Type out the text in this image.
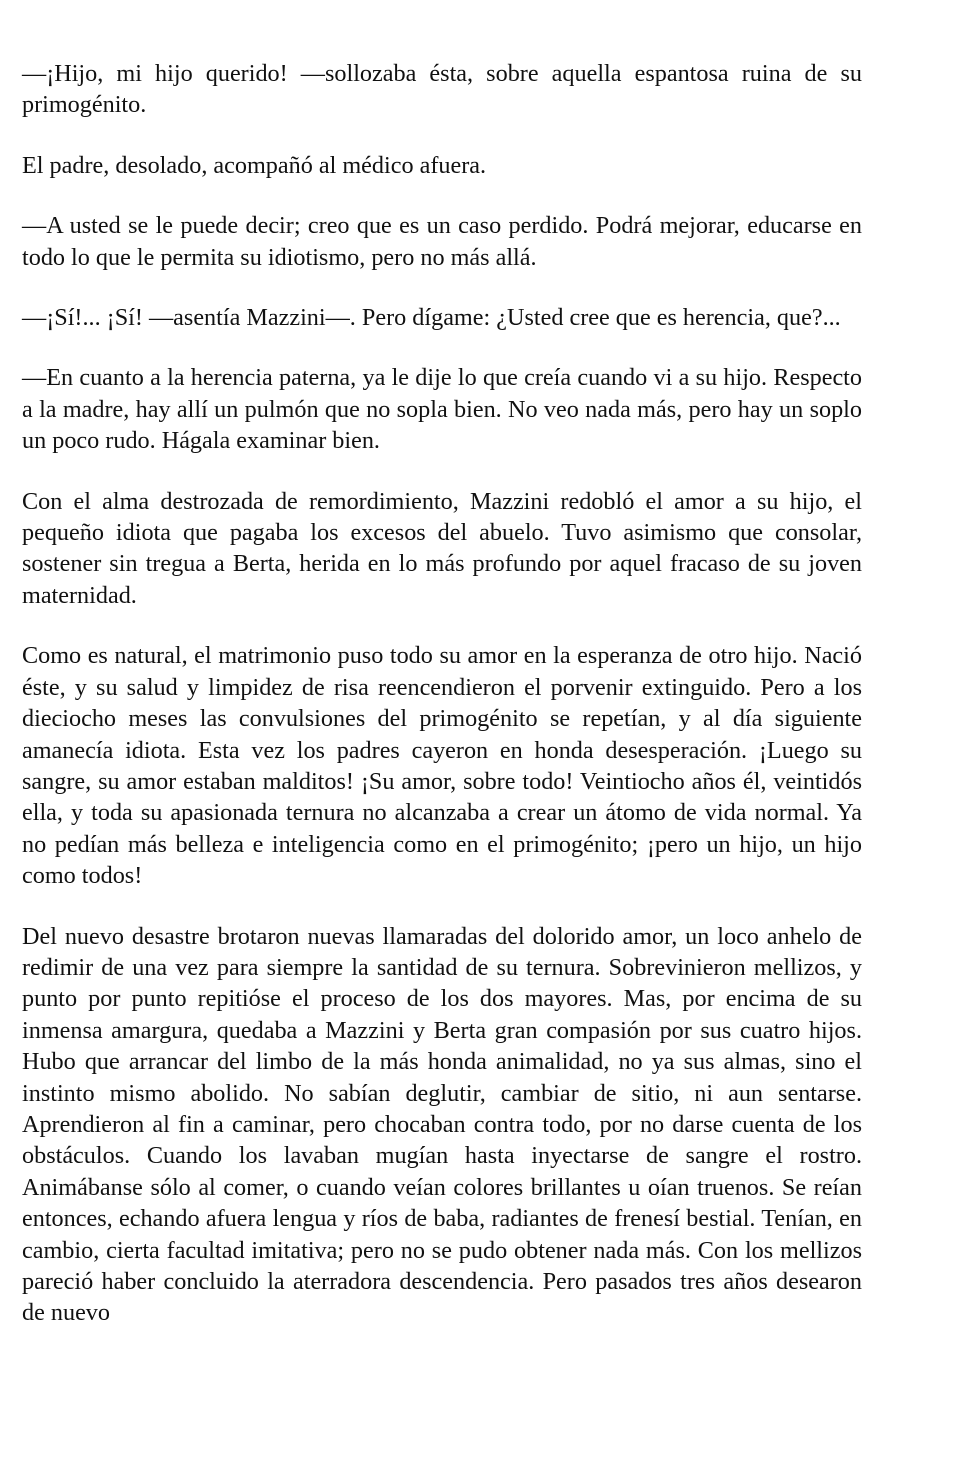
—¡Hijo, mi hijo querido! —sollozaba ésta, sobre aquella espantosa ruina de su primogénito.

El padre, desolado, acompañó al médico afuera.

—A usted se le puede decir; creo que es un caso perdido. Podrá mejorar, educarse en todo lo que le permita su idiotismo, pero no más allá.

—¡Sí!... ¡Sí! —asentía Mazzini—. Pero dígame: ¿Usted cree que es herencia, que?...

—En cuanto a la herencia paterna, ya le dije lo que creía cuando vi a su hijo. Respecto a la madre, hay allí un pulmón que no sopla bien. No veo nada más, pero hay un soplo un poco rudo. Hágala examinar bien.

Con el alma destrozada de remordimiento, Mazzini redobló el amor a su hijo, el pequeño idiota que pagaba los excesos del abuelo. Tuvo asimismo que consolar, sostener sin tregua a Berta, herida en lo más profundo por aquel fracaso de su joven maternidad.

Como es natural, el matrimonio puso todo su amor en la esperanza de otro hijo. Nació éste, y su salud y limpidez de risa reencendieron el porvenir extinguido. Pero a los dieciocho meses las convulsiones del primogénito se repetían, y al día siguiente amanecía idiota. Esta vez los padres cayeron en honda desesperación. ¡Luego su sangre, su amor estaban malditos! ¡Su amor, sobre todo! Veintiocho años él, veintidós ella, y toda su apasionada ternura no alcanzaba a crear un átomo de vida normal. Ya no pedían más belleza e inteligencia como en el primogénito; ¡pero un hijo, un hijo como todos!

Del nuevo desastre brotaron nuevas llamaradas del dolorido amor, un loco anhelo de redimir de una vez para siempre la santidad de su ternura. Sobrevinieron mellizos, y punto por punto repitióse el proceso de los dos mayores. Mas, por encima de su inmensa amargura, quedaba a Mazzini y Berta gran compasión por sus cuatro hijos. Hubo que arrancar del limbo de la más honda animalidad, no ya sus almas, sino el instinto mismo abolido. No sabían deglutir, cambiar de sitio, ni aun sentarse. Aprendieron al fin a caminar, pero chocaban contra todo, por no darse cuenta de los obstáculos. Cuando los lavaban mugían hasta inyectarse de sangre el rostro. Animábanse sólo al comer, o cuando veían colores brillantes u oían truenos. Se reían entonces, echando afuera lengua y ríos de baba, radiantes de frenesí bestial. Tenían, en cambio, cierta facultad imitativa; pero no se pudo obtener nada más. Con los mellizos pareció haber concluido la aterradora descendencia. Pero pasados tres años desearon de nuevo
